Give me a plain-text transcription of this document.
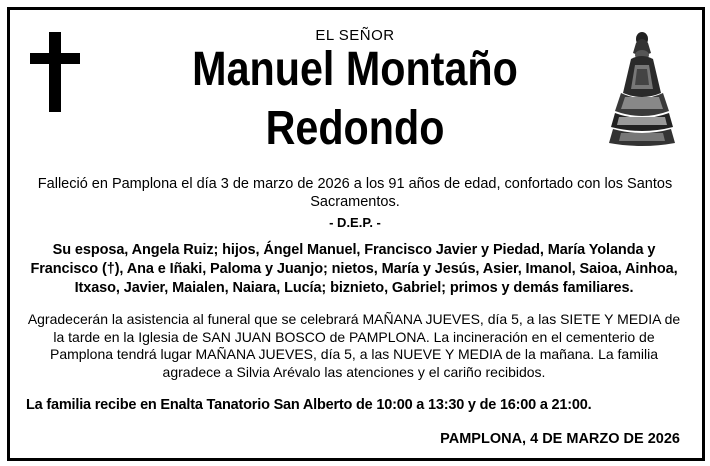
EL SEÑOR
Manuel Montaño
Redondo
Falleció en Pamplona el día 3 de marzo de 2026 a los 91 años de edad, confortado con los Santos Sacramentos.
- D.E.P. -
Su esposa, Angela Ruiz; hijos, Ángel Manuel, Francisco Javier y Piedad, María Yolanda y Francisco (†), Ana e Iñaki, Paloma y Juanjo; nietos, María y Jesús, Asier, Imanol, Saioa, Ainhoa, Itxaso, Javier, Maialen, Naiara, Lucía; biznieto, Gabriel; primos y demás familiares.
Agradecerán la asistencia al funeral que se celebrará MAÑANA JUEVES, día 5, a las SIETE Y MEDIA de la tarde en la Iglesia de SAN JUAN BOSCO de PAMPLONA. La incineración en el cementerio de Pamplona tendrá lugar MAÑANA JUEVES, día 5, a las NUEVE Y MEDIA de la mañana. La familia agradece a Silvia Arévalo las atenciones y el cariño recibidos.
La familia recibe en Enalta Tanatorio San Alberto de 10:00 a 13:30 y de 16:00 a 21:00.
PAMPLONA, 4 DE MARZO DE 2026
